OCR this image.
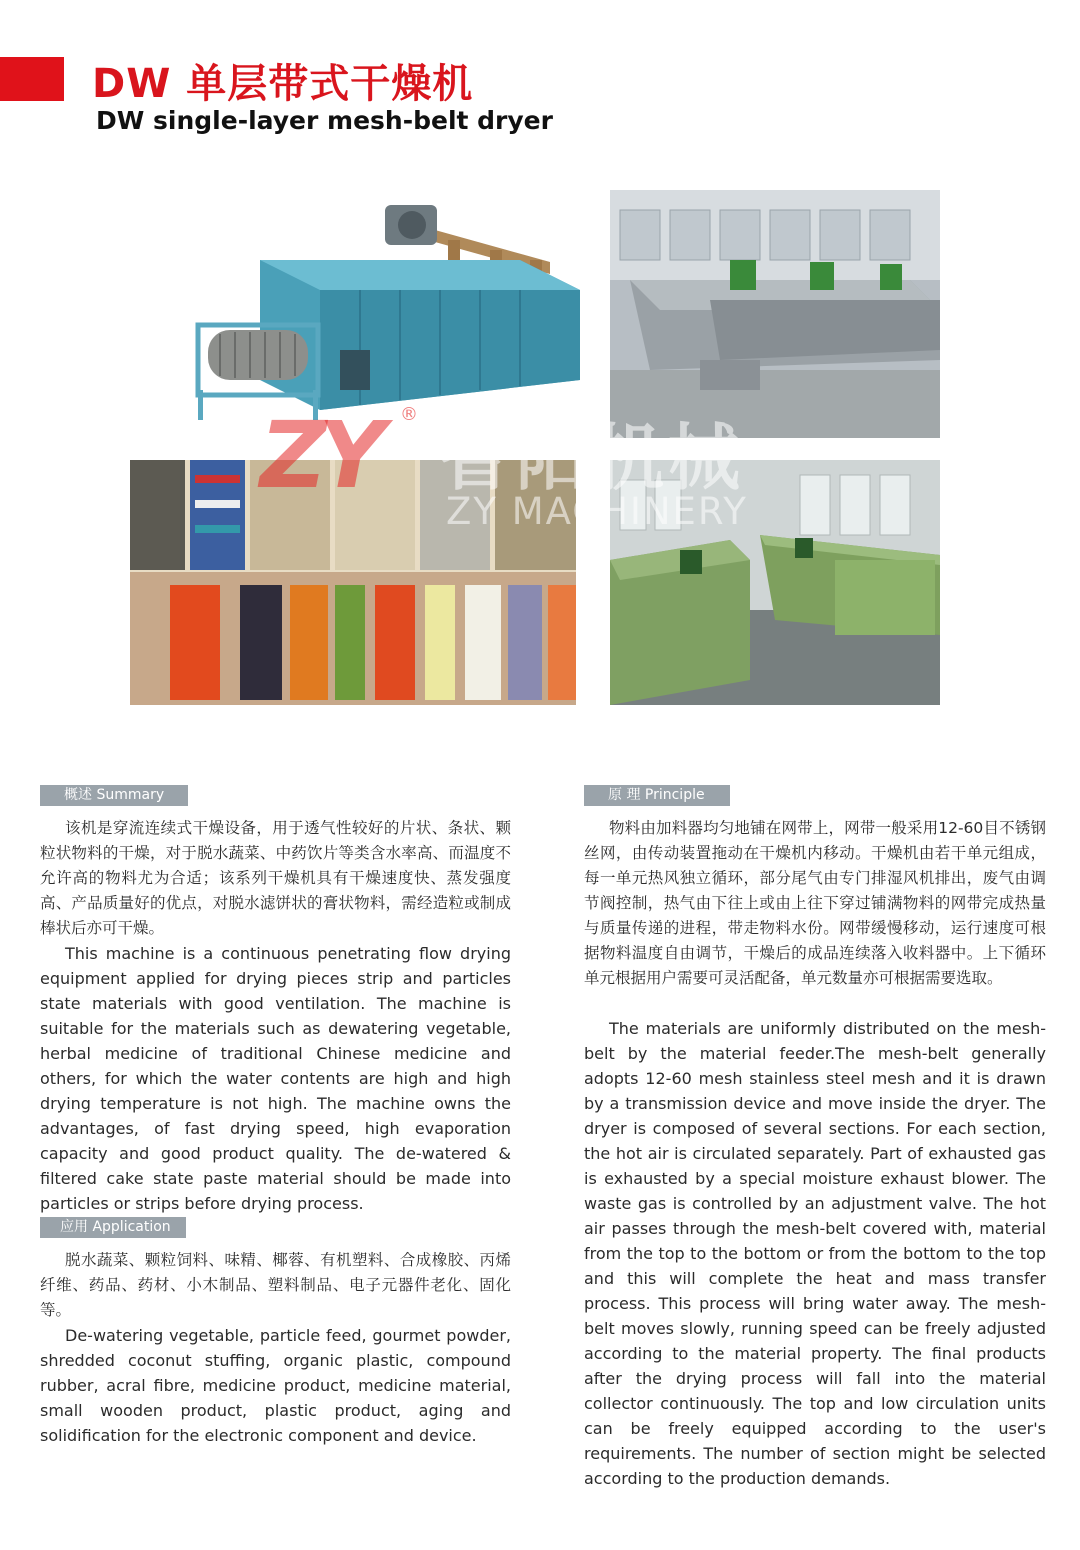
DW 单层带式干燥机
DW single-layer mesh-belt dryer
ZY ®
智阳机械
ZY MACHINERY
概述 Summary
该机是穿流连续式干燥设备，用于透气性较好的片状、条状、颗粒状物料的干燥，对于脱水蔬菜、中药饮片等类含水率高、而温度不允许高的物料尤为合适；该系列干燥机具有干燥速度快、蒸发强度高、产品质量好的优点，对脱水滤饼状的膏状物料，需经造粒或制成棒状后亦可干燥。
This machine is a continuous penetrating flow drying equipment applied for drying pieces strip and particles state materials with good ventilation. The machine is suitable for the materials such as dewatering vegetable, herbal medicine of traditional Chinese medicine and others, for which the water contents are high and high drying temperature is not high. The machine owns the advantages, of fast drying speed, high evaporation capacity and good product quality. The de-watered & filtered cake state paste material should be made into particles or strips before drying process.
应用 Application
脱水蔬菜、颗粒饲料、味精、椰蓉、有机塑料、合成橡胶、丙烯纤维、药品、药材、小木制品、塑料制品、电子元器件老化、固化等。
De-watering vegetable, particle feed, gourmet powder, shredded coconut stuffing, organic plastic, compound rubber, acral fibre, medicine product, medicine material, small wooden product, plastic product, aging and solidification for the electronic component and device.
原 理 Principle
物料由加料器均匀地铺在网带上，网带一般采用12-60目不锈钢丝网，由传动装置拖动在干燥机内移动。干燥机由若干单元组成，每一单元热风独立循环，部分尾气由专门排湿风机排出，废气由调节阀控制，热气由下往上或由上往下穿过铺满物料的网带完成热量与质量传递的进程，带走物料水份。网带缓慢移动，运行速度可根据物料温度自由调节，干燥后的成品连续落入收料器中。上下循环单元根据用户需要可灵活配备，单元数量亦可根据需要选取。
The materials are uniformly distributed on the mesh-belt by the material feeder.The mesh-belt generally adopts 12-60 mesh stainless steel mesh and it is drawn by a transmission device and move inside the dryer. The dryer is composed of several sections. For each section, the hot air is circulated separately. Part of exhausted gas is exhausted by a special moisture exhaust blower. The waste gas is controlled by an adjustment valve. The hot air passes through the mesh-belt covered with, material from the top to the bottom or from the bottom to the top and this will complete the heat and mass transfer process. This process will bring water away. The mesh-belt moves slowly, running speed can be freely adjusted according to the material property. The final products after the drying process will fall into the material collector continuously. The top and low circulation units can be freely equipped according to the user's requirements. The number of section might be selected according to the production demands.
